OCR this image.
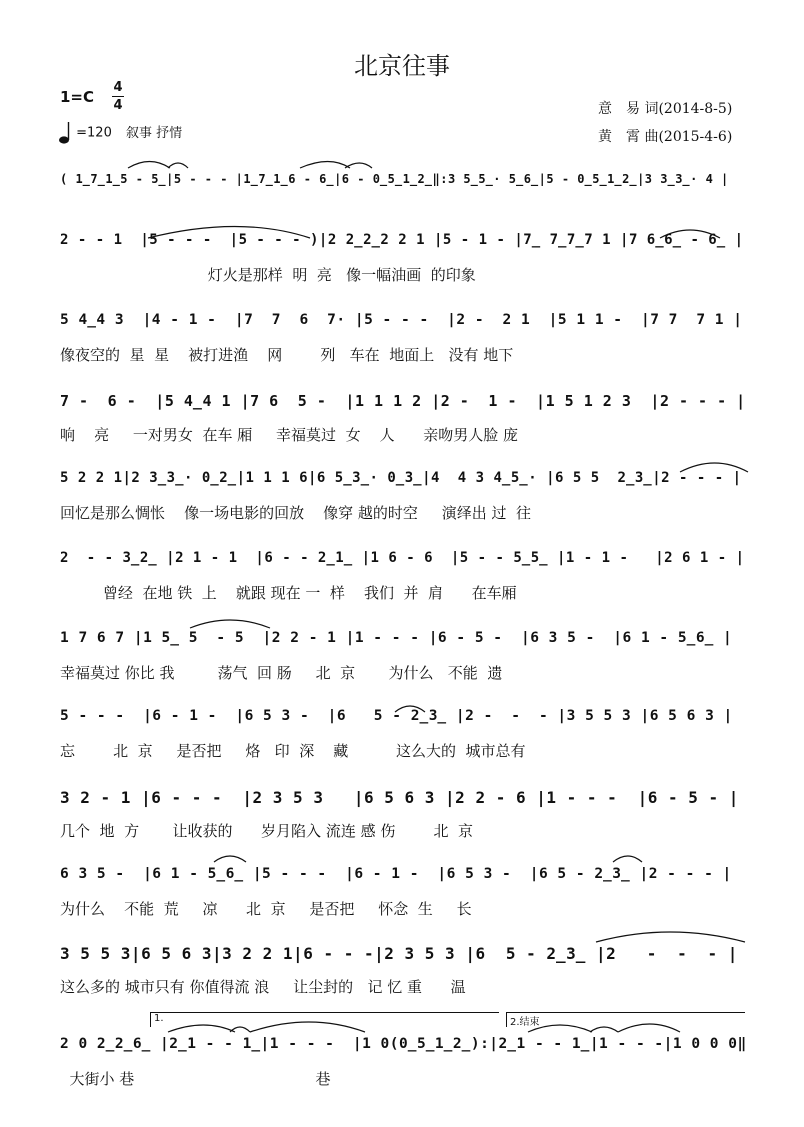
北京往事
1=C
4
4
=120 叙事 抒情
意　易 词(2014-8-5)
黄　霄 曲(2015-4-6)
( 1̲7̲1̲5 - 5̲|5 - - - |1̲7̲1̲6 - 6̲|6 - 0̲5̲1̲2̲‖:3 5̲5̲· 5̲6̲|5 - 0̲5̲1̲2̲|3 3̲3̲· 4 |
2 - - 1  |5 - - -  |5 - - - )|2 2̲2̲2 2 1 |5 - 1 - |7̲ 7̲7̲7 1 |7 6̲6̲ - 6̲ |
灯火是那样  明  亮   像一幅油画  的印象
5 4̲4 3  |4 - 1 -  |7  7  6  7· |5 - - -  |2 -  2 1  |5 1 1 -  |7 7  7 1 |
像夜空的  星  星    被打进渔    网        列   车在  地面上   没有 地下
7 -  6 -  |5 4̲4 1 |7 6  5 -  |1 1 1 2 |2 -  1 -  |1 5 1 2 3  |2 - - - |
响    亮     一对男女  在车 厢     幸福莫过  女    人      亲吻男人脸 庞
5 2 2 1|2 3̲3̲· 0̲2̲|1 1 1 6|6 5̲3̲· 0̲3̲|4  4 3 4̲5̲· |6 5 5  2̲3̲|2 - - - |
回忆是那么惆怅    像一场电影的回放    像穿 越的时空     演绎出 过  往
2  - - 3̲2̲ |2 1 - 1  |6 - - 2̲1̲ |1 6 - 6  |5 - - 5̲5̲ |1 - 1 -   |2 6 1 - |
曾经  在地 铁  上    就跟 现在 一  样    我们  并  肩      在车厢
1 7 6 7 |1 5̲ 5  - 5  |2 2 - 1 |1 - - - |6 - 5 -  |6 3 5 -  |6 1 - 5̲6̲ |
幸福莫过 你比 我         荡气  回 肠     北  京       为什么   不能  遗
5 - - -  |6 - 1 -  |6 5 3 -  |6   5 - 2̲3̲ |2 -  -  - |3 5 5 3 |6 5 6 3 |
忘        北  京     是否把     烙   印  深    藏          这么大的  城市总有
3 2 - 1 |6 - - -  |2 3 5 3   |6 5 6 3 |2 2 - 6 |1 - - -  |6 - 5 - |
几个  地  方       让收获的      岁月陷入 流连 感 伤        北  京
6 3 5 -  |6 1 - 5̲6̲ |5 - - -  |6 - 1 -  |6 5 3 -  |6 5 - 2̲3̲ |2 - - - |
为什么    不能  荒     凉      北  京     是否把     怀念  生     长
3 5 5 3|6 5 6 3|3 2 2 1|6 - - -|2 3 5 3 |6  5 - 2̲3̲ |2   -  -  - |
这么多的 城市只有 你值得流 浪     让尘封的   记 忆 重      温
2 0 2̲2̲6̲ |2̲1 - - 1̲|1 - - -  |1 0(0̲5̲1̲2̲):|2̲1 - - 1̲|1 - - -|1 0 0 0‖
大街小 巷                                      巷
1.	2.结束
